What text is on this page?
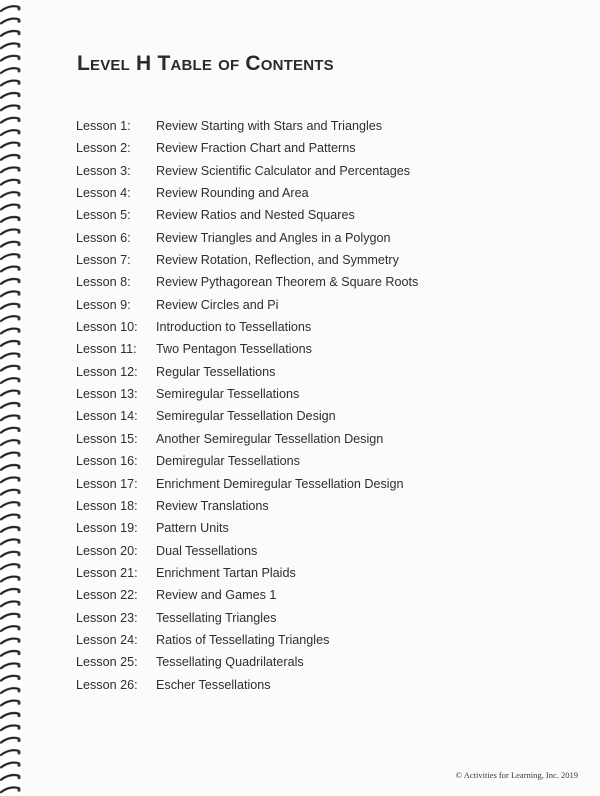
Level H Table of Contents
Lesson 1:	Review Starting with Stars and Triangles
Lesson 2:	Review Fraction Chart and Patterns
Lesson 3:	Review Scientific Calculator and Percentages
Lesson 4:	Review Rounding and Area
Lesson 5:	Review Ratios and Nested Squares
Lesson 6:	Review Triangles and Angles in a Polygon
Lesson 7:	Review Rotation, Reflection, and Symmetry
Lesson 8:	Review Pythagorean Theorem & Square Roots
Lesson 9:	Review Circles and Pi
Lesson 10:	Introduction to Tessellations
Lesson 11:	Two Pentagon Tessellations
Lesson 12:	Regular Tessellations
Lesson 13:	Semiregular Tessellations
Lesson 14:	Semiregular Tessellation Design
Lesson 15:	Another Semiregular Tessellation Design
Lesson 16:	Demiregular Tessellations
Lesson 17:	Enrichment Demiregular Tessellation Design
Lesson 18:	Review Translations
Lesson 19:	Pattern Units
Lesson 20:	Dual Tessellations
Lesson 21:	Enrichment Tartan Plaids
Lesson 22:	Review and Games 1
Lesson 23:	Tessellating Triangles
Lesson 24:	Ratios of Tessellating Triangles
Lesson 25:	Tessellating Quadrilaterals
Lesson 26:	Escher Tessellations
© Activities for Learning, Inc. 2019
